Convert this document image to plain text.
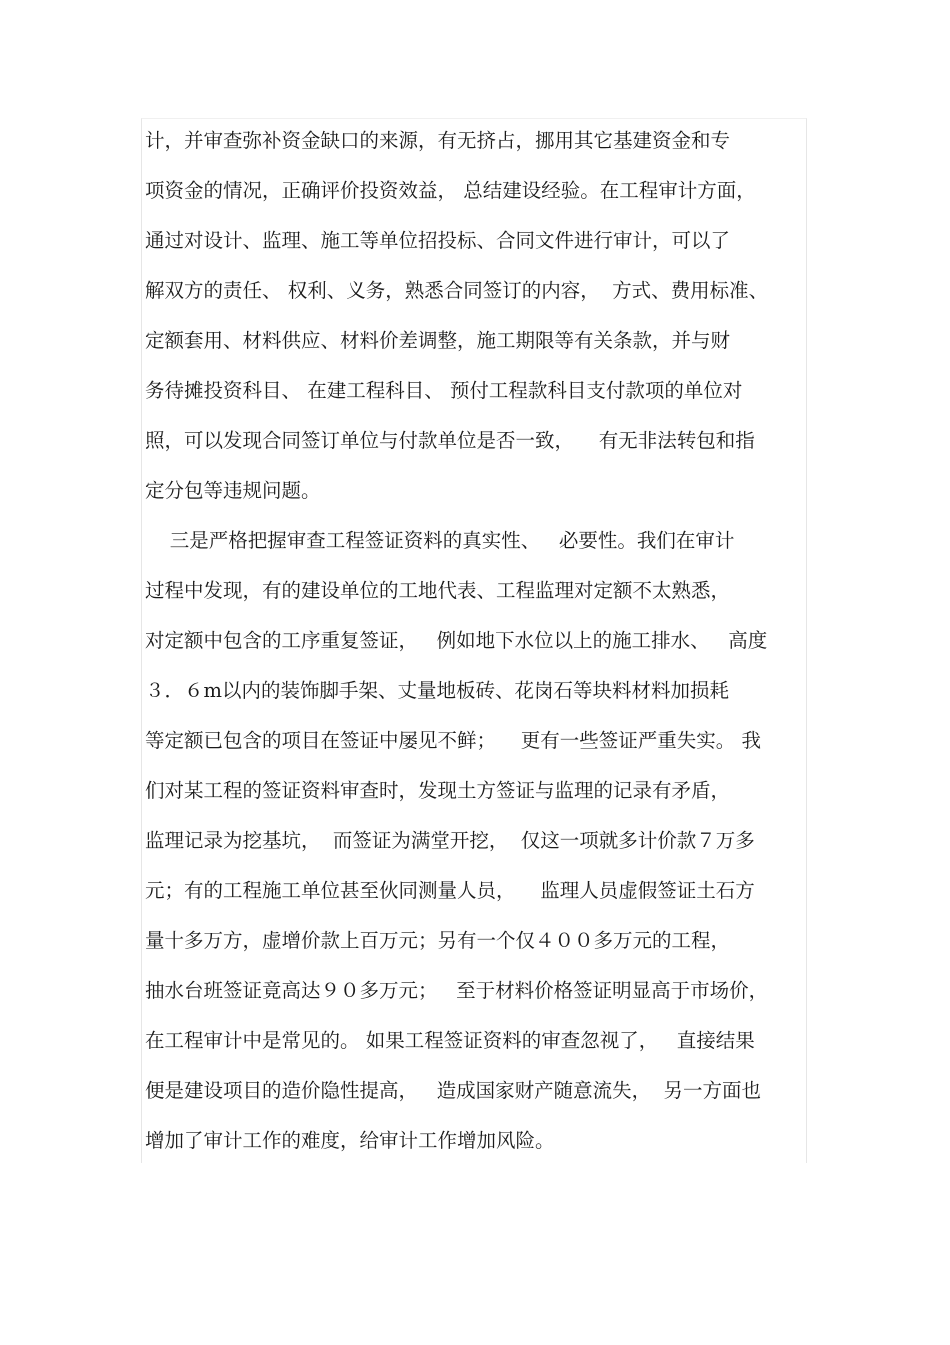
计，并审查弥补资金缺口的来源，有无挤占，挪用其它基建资金和专
项资金的情况，正确评价投资效益， 总结建设经验。在工程审计方面，
通过对设计、监理、施工等单位招投标、合同文件进行审计，可以了
解双方的责任、 权利、义务，熟悉合同签订的内容，  方式、费用标准、
定额套用、材料供应、材料价差调整，施工期限等有关条款，并与财
务待摊投资科目、 在建工程科目、 预付工程款科目支付款项的单位对
照，可以发现合同签订单位与付款单位是否一致，    有无非法转包和指
定分包等违规问题。
三是严格把握审查工程签证资料的真实性、   必要性。我们在审计
过程中发现，有的建设单位的工地代表、工程监理对定额不太熟悉，
对定额中包含的工序重复签证，   例如地下水位以上的施工排水、   高度
３．６m以内的装饰脚手架、丈量地板砖、花岗石等块料材料加损耗
等定额已包含的项目在签证中屡见不鲜；    更有一些签证严重失实。 我
们对某工程的签证资料审查时，发现土方签证与监理的记录有矛盾，
监理记录为挖基坑，  而签证为满堂开挖，  仅这一项就多计价款７万多
元；有的工程施工单位甚至伙同测量人员，    监理人员虚假签证土石方
量十多万方，虚增价款上百万元；另有一个仅４００多万元的工程，
抽水台班签证竟高达９０多万元；   至于材料价格签证明显高于市场价，
在工程审计中是常见的。 如果工程签证资料的审查忽视了，   直接结果
便是建设项目的造价隐性提高，   造成国家财产随意流失，  另一方面也
增加了审计工作的难度，给审计工作增加风险。
